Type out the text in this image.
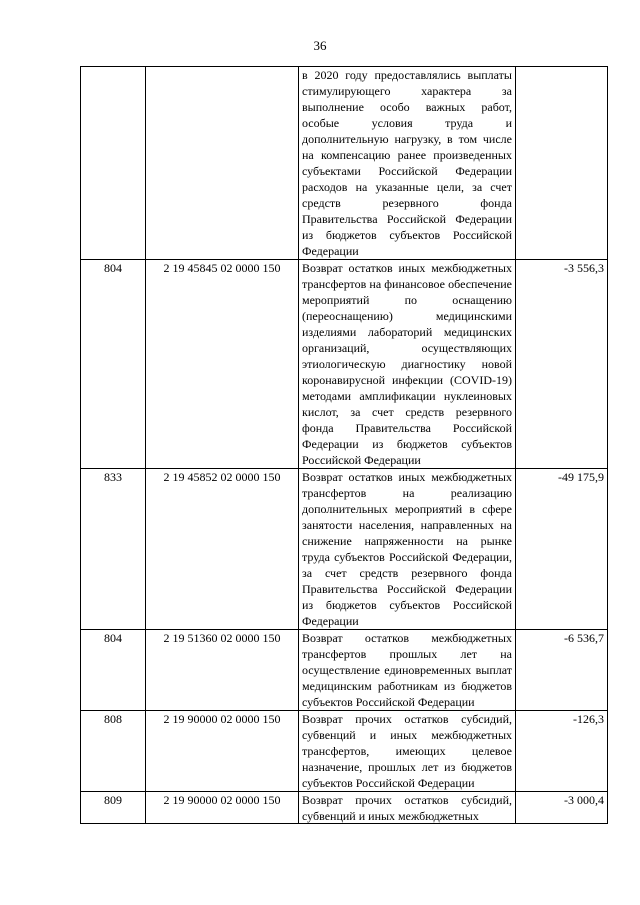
36
		в 2020 году предоставлялись выплаты стимулирующего характера за выполнение особо важных работ, особые условия труда и дополнительную нагрузку, в том числе на компенсацию ранее произведенных субъектами Российской Федерации расходов на указанные цели, за счет средств резервного фонда Правительства Российской Федерации из бюджетов субъектов Российской Федерации	
804	2 19 45845 02 0000 150	Возврат остатков иных межбюджетных трансфертов на финансовое обеспечение мероприятий по оснащению (переоснащению) медицинскими изделиями лабораторий медицинских организаций, осуществляющих этиологическую диагностику новой коронавирусной инфекции (COVID-19) методами амплификации нуклеиновых кислот, за счет средств резервного фонда Правительства Российской Федерации из бюджетов субъектов Российской Федерации	-3 556,3
833	2 19 45852 02 0000 150	Возврат остатков иных межбюджетных трансфертов на реализацию дополнительных мероприятий в сфере занятости населения, направленных на снижение напряженности на рынке труда субъектов Российской Федерации, за счет средств резервного фонда Правительства Российской Федерации из бюджетов субъектов Российской Федерации	-49 175,9
804	2 19 51360 02 0000 150	Возврат остатков межбюджетных трансфертов прошлых лет на осуществление единовременных выплат медицинским работникам из бюджетов субъектов Российской Федерации	-6 536,7
808	2 19 90000 02 0000 150	Возврат прочих остатков субсидий, субвенций и иных межбюджетных трансфертов, имеющих целевое назначение, прошлых лет из бюджетов субъектов Российской Федерации	-126,3
809	2 19 90000 02 0000 150	Возврат прочих остатков субсидий, субвенций и иных межбюджетных	-3 000,4
